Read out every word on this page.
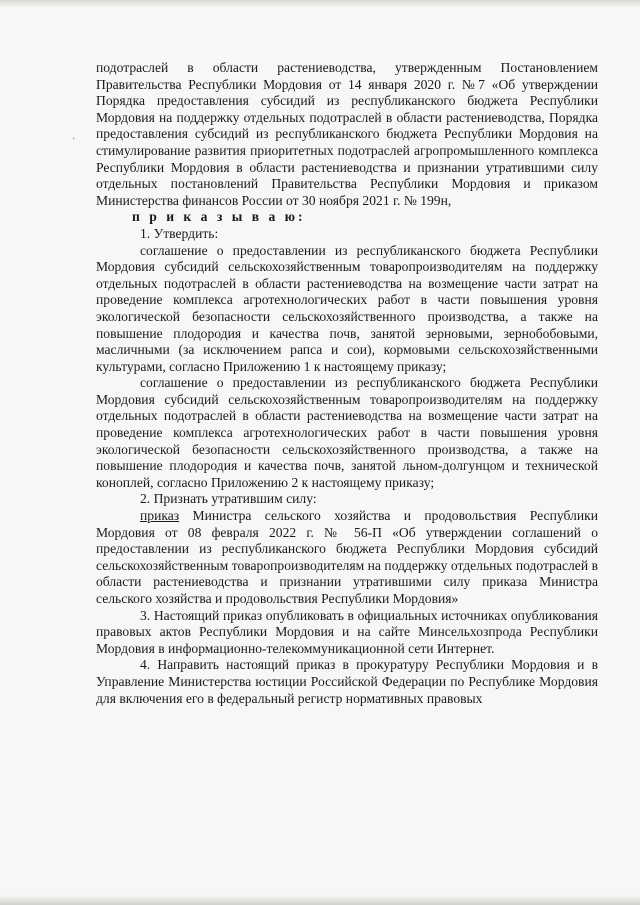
·

подотраслей в области растениеводства, утвержденным Постановлением Правительства Республики Мордовия от 14 января 2020 г. №7 «Об утверждении Порядка предоставления субсидий из республиканского бюджета Республики Мордовия на поддержку отдельных подотраслей в области растениеводства, Порядка предоставления субсидий из республиканского бюджета Республики Мордовия на стимулирование развития приоритетных подотраслей агропромышленного комплекса Республики Мордовия в области растениеводства и признании утратившими силу отдельных постановлений Правительства Республики Мордовия и приказом Министерства финансов России от 30 ноября 2021 г. № 199н,

п р и к а з ы в а ю:

1. Утвердить:

соглашение о предоставлении из республиканского бюджета Республики Мордовия субсидий сельскохозяйственным товаропроизводителям на поддержку отдельных подотраслей в области растениеводства на возмещение части затрат на проведение комплекса агротехнологических работ в части повышения уровня экологической безопасности сельскохозяйственного производства, а также на повышение плодородия и качества почв, занятой зерновыми, зернобобовыми, масличными (за исключением рапса и сои), кормовыми сельскохозяйственными культурами, согласно Приложению 1 к настоящему приказу;

соглашение о предоставлении из республиканского бюджета Республики Мордовия субсидий сельскохозяйственным товаропроизводителям на поддержку отдельных подотраслей в области растениеводства на возмещение части затрат на проведение комплекса агротехнологических работ в части повышения уровня экологической безопасности сельскохозяйственного производства, а также на повышение плодородия и качества почв, занятой льном-долгунцом и технической коноплей, согласно Приложению 2 к настоящему приказу;

2. Признать утратившим силу:

приказ Министра сельского хозяйства и продовольствия Республики Мордовия от 08 февраля 2022 г. № 56-П «Об утверждении соглашений о предоставлении из республиканского бюджета Республики Мордовия субсидий сельскохозяйственным товаропроизводителям на поддержку отдельных подотраслей в области растениеводства и признании утратившими силу приказа Министра сельского хозяйства и продовольствия Республики Мордовия»

3. Настоящий приказ опубликовать в официальных источниках опубликования правовых актов Республики Мордовия и на сайте Минсельхозпрода Республики Мордовия в информационно-телекоммуникационной сети Интернет.

4. Направить настоящий приказ в прокуратуру Республики Мордовия и в Управление Министерства юстиции Российской Федерации по Республике Мордовия для включения его в федеральный регистр нормативных правовых
